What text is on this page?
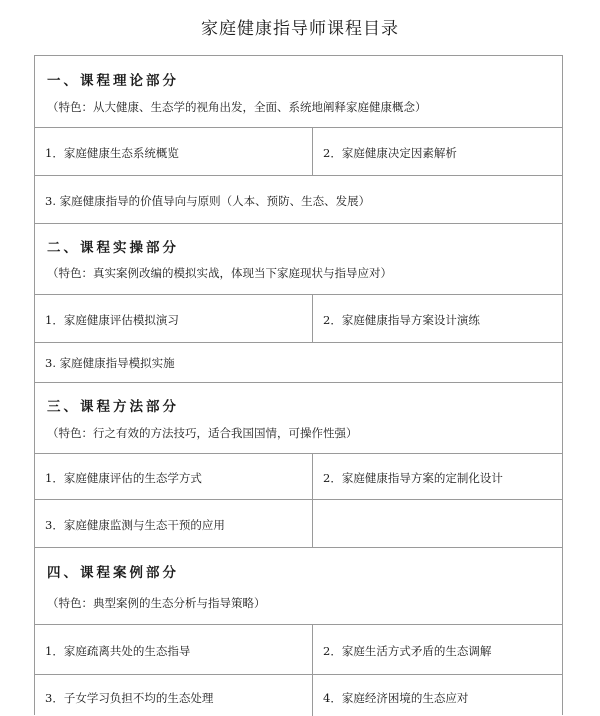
家庭健康指导师课程目录
一、课程理论部分
（特色：从大健康、生态学的视角出发，全面、系统地阐释家庭健康概念）
1．家庭健康生态系统概览	2．家庭健康决定因素解析
3. 家庭健康指导的价值导向与原则（人本、预防、生态、发展）
二、课程实操部分
（特色：真实案例改编的模拟实战，体现当下家庭现状与指导应对）
1．家庭健康评估模拟演习	2．家庭健康指导方案设计演练
3. 家庭健康指导模拟实施
三、课程方法部分
（特色：行之有效的方法技巧，适合我国国情，可操作性强）
1．家庭健康评估的生态学方式	2．家庭健康指导方案的定制化设计
3．家庭健康监测与生态干预的应用
四、课程案例部分
（特色：典型案例的生态分析与指导策略）
1．家庭疏离共处的生态指导	2．家庭生活方式矛盾的生态调解
3．子女学习负担不均的生态处理	4．家庭经济困境的生态应对
